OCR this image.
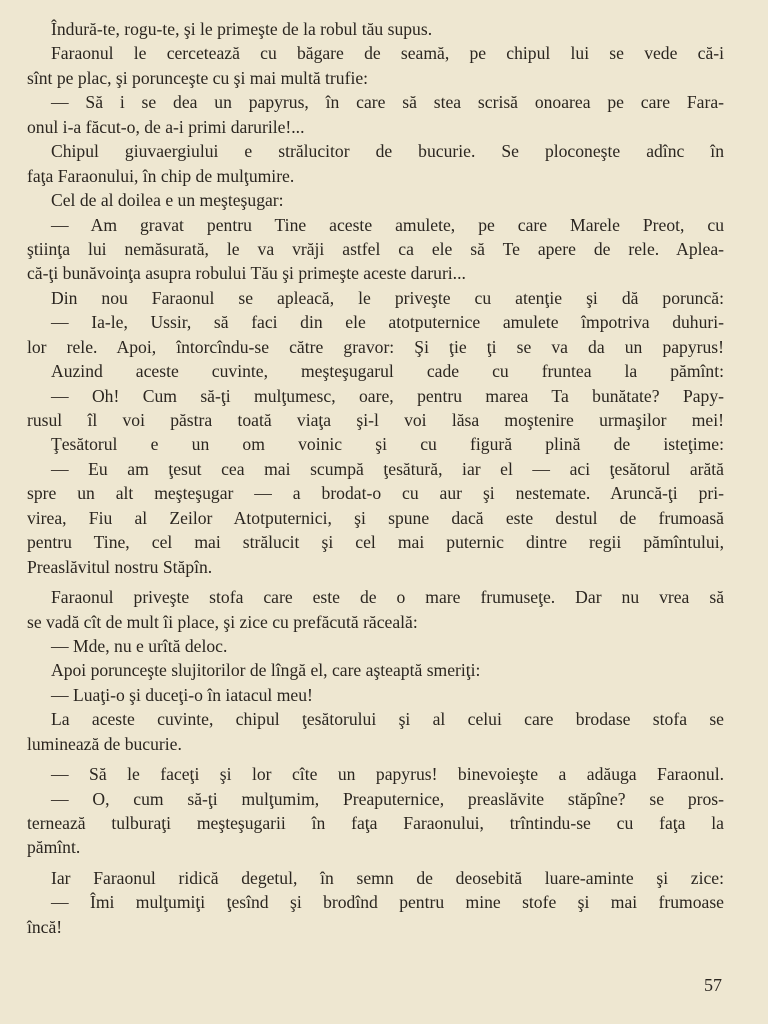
Îndură-te, rogu-te, şi le primeşte de la robul tău supus.
Faraonul le cercetează cu băgare de seamă, pe chipul lui se vede că-i
sînt pe plac, şi porunceşte cu şi mai multă trufie:
— Să i se dea un papyrus, în care să stea scrisă onoarea pe care Fara-
onul i-a făcut-o, de a-i primi darurile!...
Chipul giuvaergiului e strălucitor de bucurie. Se ploconeşte adînc în
faţa Faraonului, în chip de mulţumire.
Cel de al doilea e un meşteşugar:
— Am gravat pentru Tine aceste amulete, pe care Marele Preot, cu
ştiinţa lui nemăsurată, le va vrăji astfel ca ele să Te apere de rele. Aplea-
că-ţi bunăvoinţa asupra robului Tău şi primeşte aceste daruri...
Din nou Faraonul se apleacă, le priveşte cu atenţie şi dă poruncă:
— Ia-le, Ussir, să faci din ele atotputernice amulete împotriva duhuri-
lor rele. Apoi, întorcîndu-se către gravor: Şi ţie ţi se va da un papyrus!
Auzind aceste cuvinte, meşteşugarul cade cu fruntea la pămînt:
— Oh! Cum să-ţi mulţumesc, oare, pentru marea Ta bunătate? Papy-
rusul îl voi păstra toată viaţa şi-l voi lăsa moştenire urmaşilor mei!
Ţesătorul e un om voinic şi cu figură plină de isteţime:
— Eu am ţesut cea mai scumpă ţesătură, iar el — aci ţesătorul arătă
spre un alt meşteşugar — a brodat-o cu aur şi nestemate. Aruncă-ţi pri-
virea, Fiu al Zeilor Atotputernici, şi spune dacă este destul de frumoasă
pentru Tine, cel mai strălucit şi cel mai puternic dintre regii pămîntului,
Preaslăvitul nostru Stăpîn.
Faraonul priveşte stofa care este de o mare frumuseţe. Dar nu vrea să
se vadă cît de mult îi place, şi zice cu prefăcută răceală:
— Mde, nu e urîtă deloc.
Apoi porunceşte slujitorilor de lîngă el, care aşteaptă smeriţi:
— Luaţi-o şi duceţi-o în iatacul meu!
La aceste cuvinte, chipul ţesătorului şi al celui care brodase stofa se
luminează de bucurie.
— Să le faceţi şi lor cîte un papyrus! binevoieşte a adăuga Faraonul.
— O, cum să-ţi mulţumim, Preaputernice, preaslăvite stăpîne? se pros-
ternează tulburaţi meşteşugarii în faţa Faraonului, trîntindu-se cu faţa la
pămînt.
Iar Faraonul ridică degetul, în semn de deosebită luare-aminte şi zice:
— Îmi mulţumiţi ţesînd şi brodînd pentru mine stofe şi mai frumoase
încă!
57
